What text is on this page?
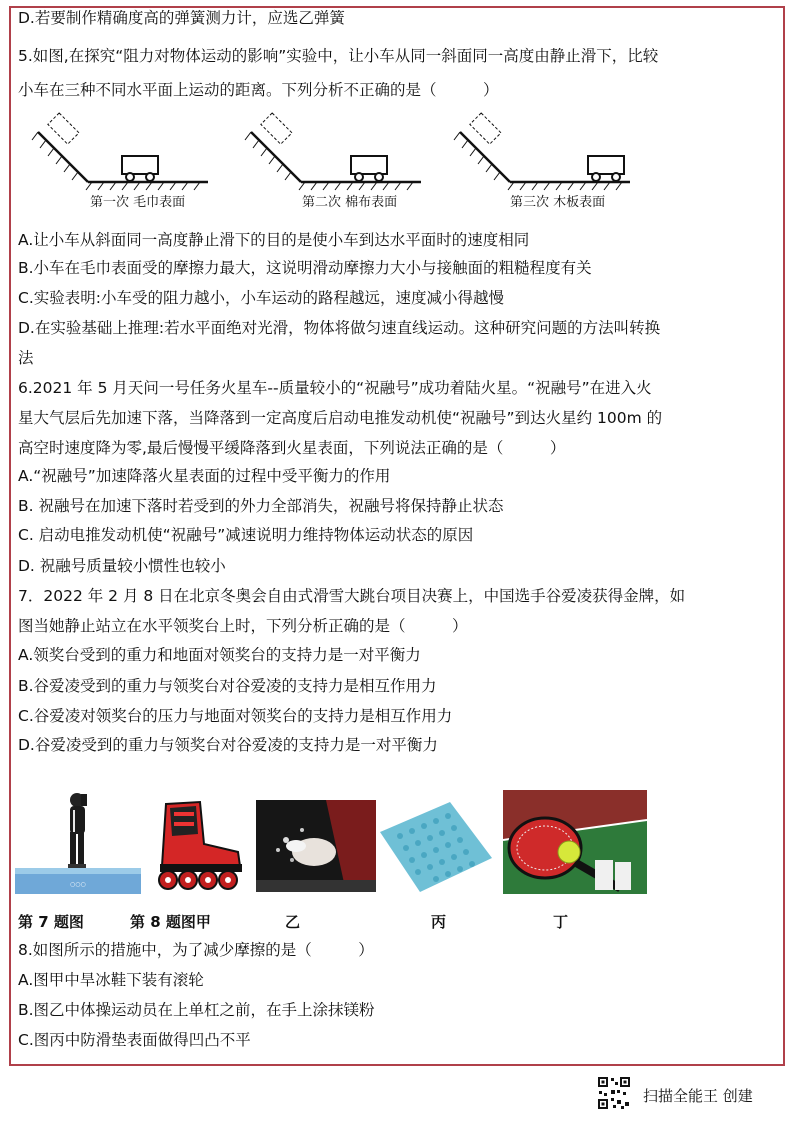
D.若要制作精确度高的弹簧测力计，应选乙弹簧
5.如图,在探究“阻力对物体运动的影响”实验中，让小车从同一斜面同一高度由静止滑下，比较
小车在三种不同水平面上运动的距离。下列分析不正确的是（　　　）
第一次 毛巾表面	第二次 棉布表面	第三次 木板表面
A.让小车从斜面同一高度静止滑下的目的是使小车到达水平面时的速度相同
B.小车在毛巾表面受的摩擦力最大，这说明滑动摩擦力大小与接触面的粗糙程度有关
C.实验表明:小车受的阻力越小，小车运动的路程越远，速度减小得越慢
D.在实验基础上推理:若水平面绝对光滑，物体将做匀速直线运动。这种研究问题的方法叫转换
法
6.2021 年 5 月天问一号任务火星车--质量较小的“祝融号”成功着陆火星。“祝融号”在进入火
星大气层后先加速下落，当降落到一定高度后启动电推发动机使“祝融号”到达火星约 100m 的
高空时速度降为零,最后慢慢平缓降落到火星表面，下列说法正确的是（　　　）
A.“祝融号”加速降落火星表面的过程中受平衡力的作用
B. 祝融号在加速下落时若受到的外力全部消失，祝融号将保持静止状态
C. 启动电推发动机使“祝融号”减速说明力维持物体运动状态的原因
D. 祝融号质量较小惯性也较小
7．2022 年 2 月 8 日在北京冬奥会自由式滑雪大跳台项目决赛上，中国选手谷爱凌获得金牌，如
图当她静止站立在水平领奖台上时，下列分析正确的是（　　　）
A.领奖台受到的重力和地面对领奖台的支持力是一对平衡力
B.谷爱凌受到的重力与领奖台对谷爱凌的支持力是相互作用力
C.谷爱凌对领奖台的压力与地面对领奖台的支持力是相互作用力
D.谷爱凌受到的重力与领奖台对谷爱凌的支持力是一对平衡力
○○○
第 7 题图	第 8 题图甲	乙	丙	丁
8.如图所示的措施中，为了减少摩擦的是（　　　）
A.图甲中旱冰鞋下装有滚轮
B.图乙中体操运动员在上单杠之前，在手上涂抹镁粉
C.图丙中防滑垫表面做得凹凸不平
扫描全能王 创建
